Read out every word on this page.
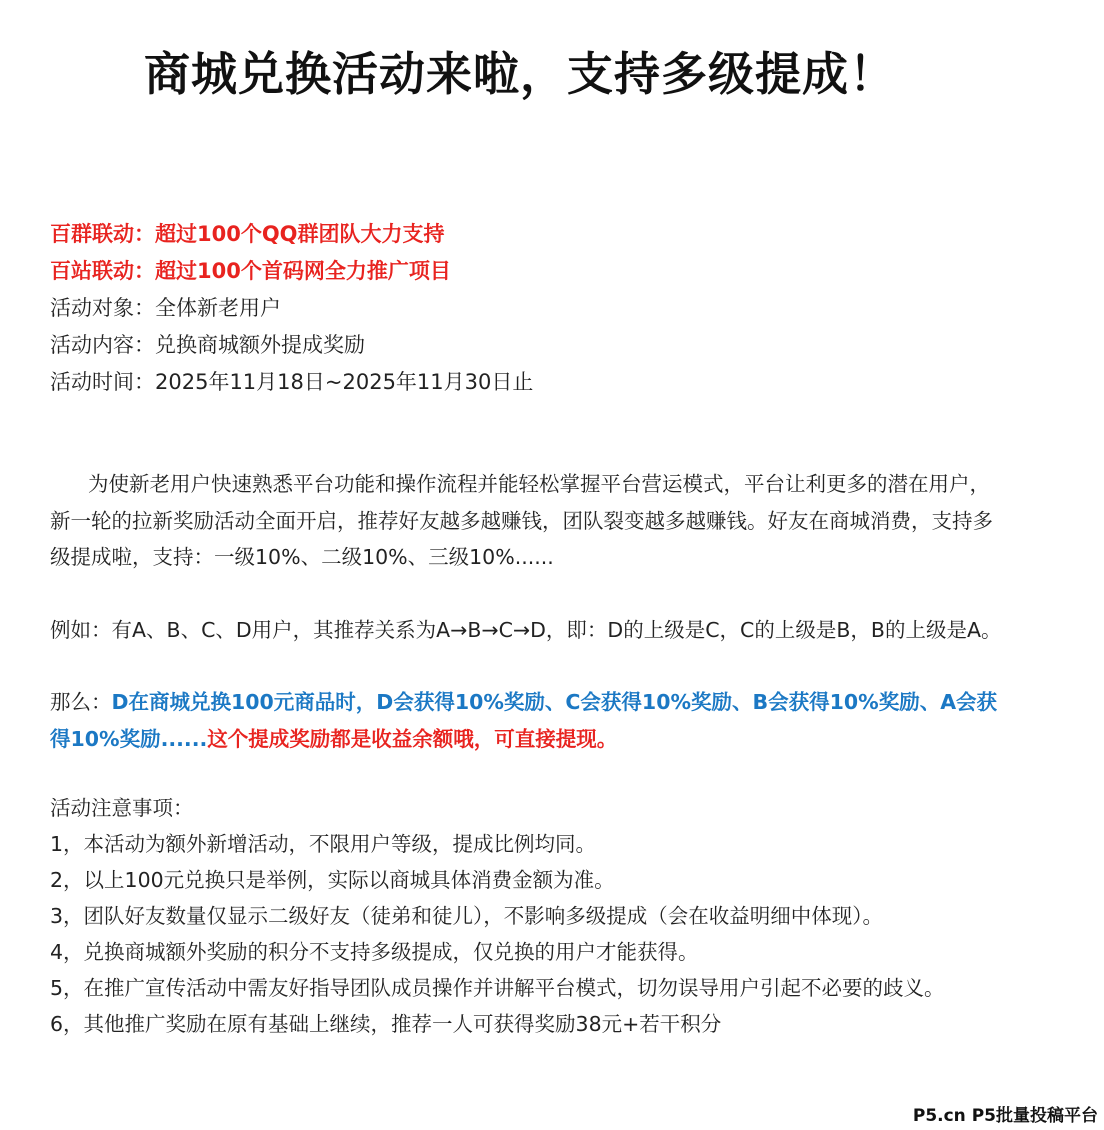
商城兑换活动来啦，支持多级提成！
百群联动：超过100个QQ群团队大力支持
百站联动：超过100个首码网全力推广项目
活动对象：全体新老用户
活动内容：兑换商城额外提成奖励
活动时间：2025年11月18日~2025年11月30日止

为使新老用户快速熟悉平台功能和操作流程并能轻松掌握平台营运模式，平台让利更多的潜在用户，新一轮的拉新奖励活动全面开启，推荐好友越多越赚钱，团队裂变越多越赚钱。好友在商城消费，支持多级提成啦，支持：一级10%、二级10%、三级10%......

例如：有A、B、C、D用户，其推荐关系为A→B→C→D，即：D的上级是C，C的上级是B，B的上级是A。

那么：D在商城兑换100元商品时，D会获得10%奖励、C会获得10%奖励、B会获得10%奖励、A会获得10%奖励......这个提成奖励都是收益余额哦，可直接提现。

活动注意事项：
1，本活动为额外新增活动，不限用户等级，提成比例均同。
2，以上100元兑换只是举例，实际以商城具体消费金额为准。
3，团队好友数量仅显示二级好友（徒弟和徒儿），不影响多级提成（会在收益明细中体现）。
4，兑换商城额外奖励的积分不支持多级提成，仅兑换的用户才能获得。
5，在推广宣传活动中需友好指导团队成员操作并讲解平台模式，切勿误导用户引起不必要的歧义。
6，其他推广奖励在原有基础上继续，推荐一人可获得奖励38元+若干积分
P5.cn P5批量投稿平台
